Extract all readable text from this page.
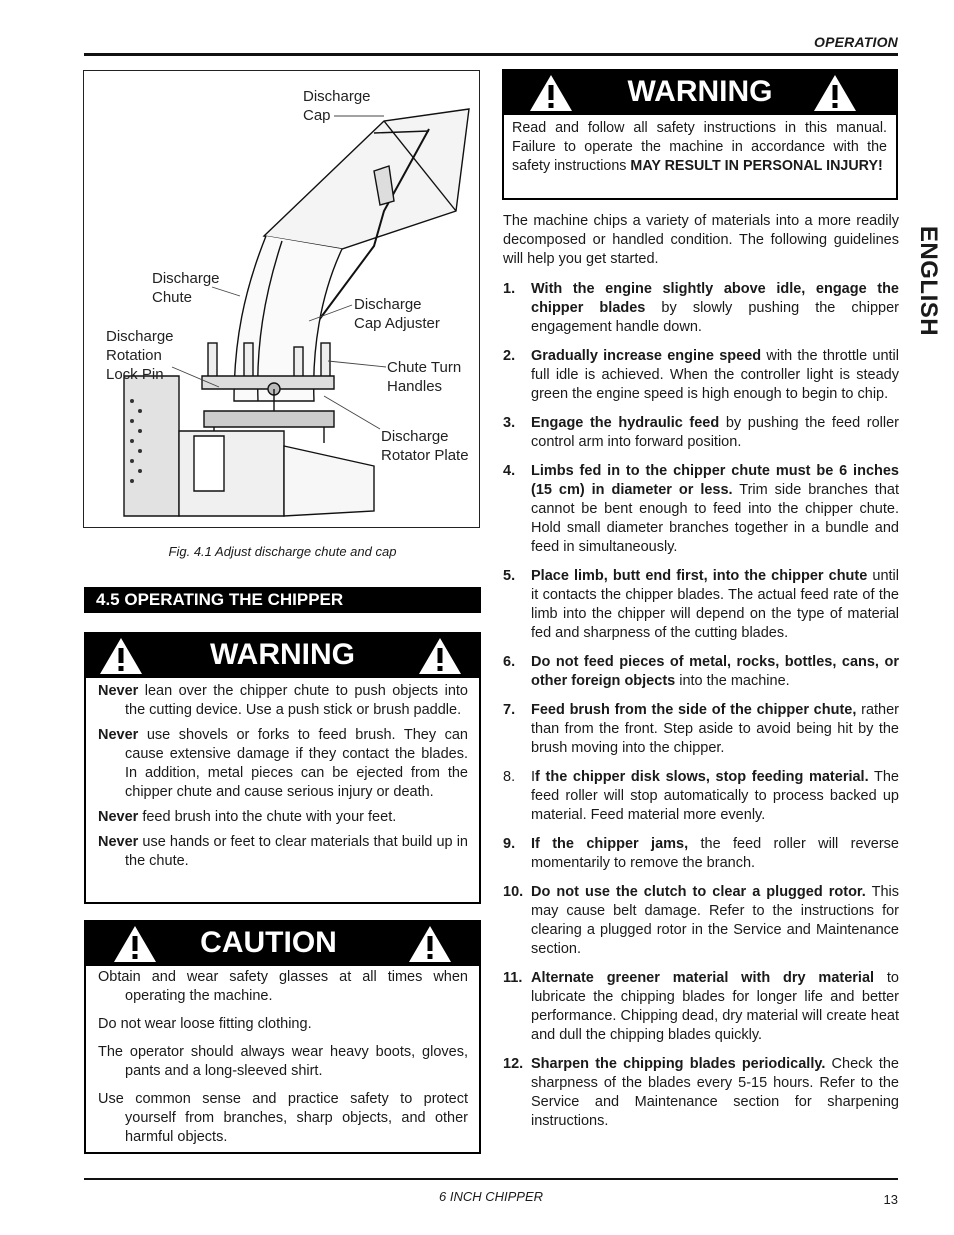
OPERATION
ENGLISH
Discharge
Cap
Discharge
Chute	Discharge
Cap Adjuster
Discharge
Rotation
Lock Pin	Chute Turn
Handles
Discharge
Rotator Plate
Fig. 4.1 Adjust discharge chute and cap
4.5 OPERATING THE CHIPPER
WARNING

Never lean over the chipper chute to push objects into the cutting device. Use a push stick or brush paddle.

Never use shovels or forks to feed brush. They can cause extensive damage if they contact the blades. In addition, metal pieces can be ejected from the chipper chute and cause serious injury or death.

Never feed brush into the chute with your feet.

Never use hands or feet to clear materials that build up in the chute.

CAUTION

Obtain and wear safety glasses at all times when operating the machine.

Do not wear loose fitting clothing.

The operator should always wear heavy boots, gloves, pants and a long-sleeved shirt.

Use common sense and practice safety to protect yourself from branches, sharp objects, and other harmful objects.

WARNING
Read and follow all safety instructions in this manual. Failure to operate the machine in accordance with the safety instructions MAY RESULT IN PERSONAL INJURY!
The machine chips a variety of materials into a more readily decomposed or handled condition. The following guidelines will help you get started.
1. With the engine slightly above idle, engage the chipper blades by slowly pushing the chipper engagement handle down.
2. Gradually increase engine speed with the throttle until full idle is achieved. When the controller light is steady green the engine speed is high enough to begin to chip.
3. Engage the hydraulic feed by pushing the feed roller control arm into forward position.
4. Limbs fed in to the chipper chute must be 6 inches (15 cm) in diameter or less. Trim side branches that cannot be bent enough to feed into the chipper chute. Hold small diameter branches together in a bundle and feed in simultaneously.
5. Place limb, butt end first, into the chipper chute until it contacts the chipper blades. The actual feed rate of the limb into the chipper will depend on the type of material fed and sharpness of the cutting blades.
6. Do not feed pieces of metal, rocks, bottles, cans, or other foreign objects into the machine.
7. Feed brush from the side of the chipper chute, rather than from the front. Step aside to avoid being hit by the brush moving into the chipper.
8. If the chipper disk slows, stop feeding material. The feed roller will stop automatically to process backed up material. Feed material more evenly.
9. If the chipper jams, the feed roller will reverse momentarily to remove the branch.
10. Do not use the clutch to clear a plugged rotor. This may cause belt damage. Refer to the instructions for clearing a plugged rotor in the Service and Maintenance section.
11. Alternate greener material with dry material to lubricate the chipping blades for longer life and better performance. Chipping dead, dry material will create heat and dull the chipping blades quickly.
12. Sharpen the chipping blades periodically. Check the sharpness of the blades every 5-15 hours. Refer to the Service and Maintenance section for sharpening instructions.
6 INCH CHIPPER	13
